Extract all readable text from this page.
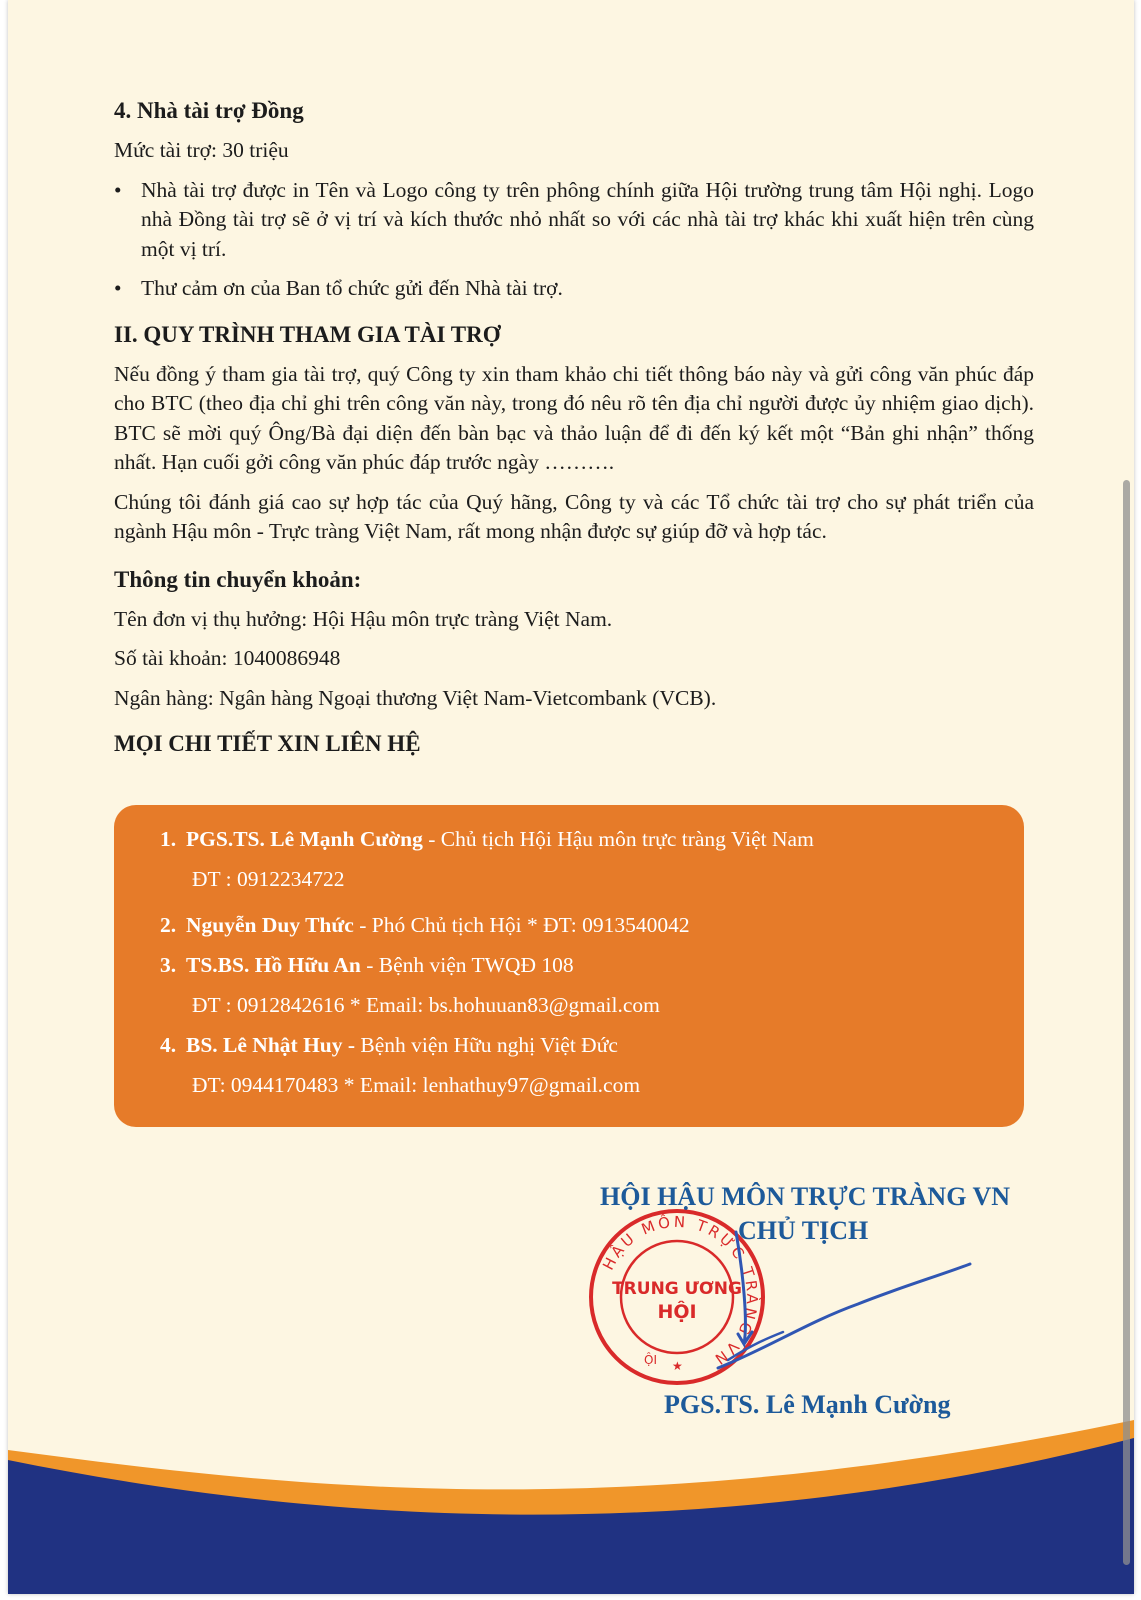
4. Nhà tài trợ Đồng

Mức tài trợ: 30 triệu

• Nhà tài trợ được in Tên và Logo công ty trên phông chính giữa Hội trường trung tâm Hội nghị. Logo nhà Đồng tài trợ sẽ ở vị trí và kích thước nhỏ nhất so với các nhà tài trợ khác khi xuất hiện trên cùng một vị trí.
• Thư cảm ơn của Ban tổ chức gửi đến Nhà tài trợ.
II. QUY TRÌNH THAM GIA TÀI TRỢ

Nếu đồng ý tham gia tài trợ, quý Công ty xin tham khảo chi tiết thông báo này và gửi công văn phúc đáp cho BTC (theo địa chỉ ghi trên công văn này, trong đó nêu rõ tên địa chỉ người được ủy nhiệm giao dịch). BTC sẽ mời quý Ông/Bà đại diện đến bàn bạc và thảo luận để đi đến ký kết một “Bản ghi nhận” thống nhất. Hạn cuối gởi công văn phúc đáp trước ngày ……….

Chúng tôi đánh giá cao sự hợp tác của Quý hãng, Công ty và các Tổ chức tài trợ cho sự phát triển của ngành Hậu môn - Trực tràng Việt Nam, rất mong nhận được sự giúp đỡ và hợp tác.

Thông tin chuyển khoản:

Tên đơn vị thụ hưởng: Hội Hậu môn trực tràng Việt Nam.

Số tài khoản: 1040086948

Ngân hàng: Ngân hàng Ngoại thương Việt Nam-Vietcombank (VCB).

MỌI CHI TIẾT XIN LIÊN HỆ
1. PGS.TS. Lê Mạnh Cường - Chủ tịch Hội Hậu môn trực tràng Việt Nam
ĐT : 0912234722
2. Nguyễn Duy Thức - Phó Chủ tịch Hội * ĐT: 0913540042
3. TS.BS. Hồ Hữu An - Bệnh viện TWQĐ 108
ĐT : 0912842616 * Email: bs.hohuuan83@gmail.com
4. BS. Lê Nhật Huy - Bệnh viện Hữu nghị Việt Đức
ĐT: 0944170483 * Email: lenhathuy97@gmail.com
HẬU MÔN TRỰC TRÀNG VN
TRUNG ƯƠNG
HỘI
ỘI ★
HỘI HẬU MÔN TRỰC TRÀNG VN
CHỦ TỊCH
PGS.TS. Lê Mạnh Cường
